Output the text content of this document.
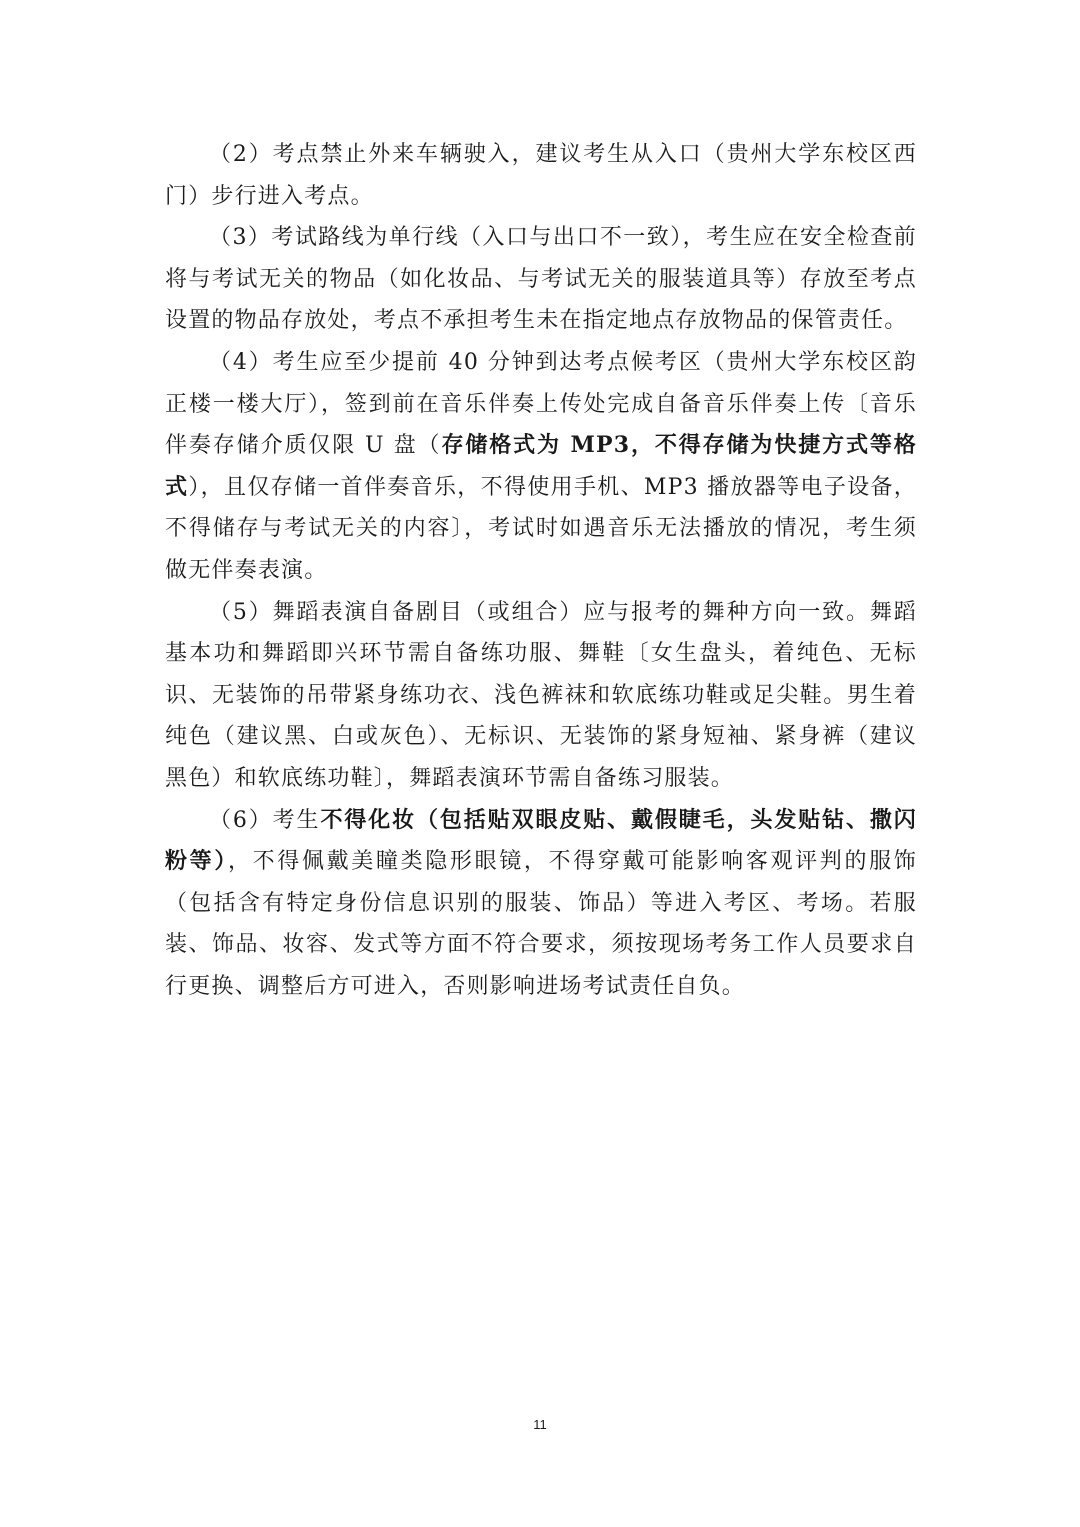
（2）考点禁止外来车辆驶入，建议考生从入口（贵州大学东校区西门）步行进入考点。

（3）考试路线为单行线（入口与出口不一致），考生应在安全检查前将与考试无关的物品（如化妆品、与考试无关的服装道具等）存放至考点设置的物品存放处，考点不承担考生未在指定地点存放物品的保管责任。

（4）考生应至少提前 40 分钟到达考点候考区（贵州大学东校区韵正楼一楼大厅），签到前在音乐伴奏上传处完成自备音乐伴奏上传〔音乐伴奏存储介质仅限 U 盘（存储格式为 MP3，不得存储为快捷方式等格式），且仅存储一首伴奏音乐，不得使用手机、MP3 播放器等电子设备，不得储存与考试无关的内容〕，考试时如遇音乐无法播放的情况，考生须做无伴奏表演。

（5）舞蹈表演自备剧目（或组合）应与报考的舞种方向一致。舞蹈基本功和舞蹈即兴环节需自备练功服、舞鞋〔女生盘头，着纯色、无标识、无装饰的吊带紧身练功衣、浅色裤袜和软底练功鞋或足尖鞋。男生着纯色（建议黑、白或灰色）、无标识、无装饰的紧身短袖、紧身裤（建议黑色）和软底练功鞋〕，舞蹈表演环节需自备练习服装。

（6）考生不得化妆（包括贴双眼皮贴、戴假睫毛，头发贴钻、撒闪粉等），不得佩戴美瞳类隐形眼镜，不得穿戴可能影响客观评判的服饰（包括含有特定身份信息识别的服装、饰品）等进入考区、考场。若服装、饰品、妆容、发式等方面不符合要求，须按现场考务工作人员要求自行更换、调整后方可进入，否则影响进场考试责任自负。

11
